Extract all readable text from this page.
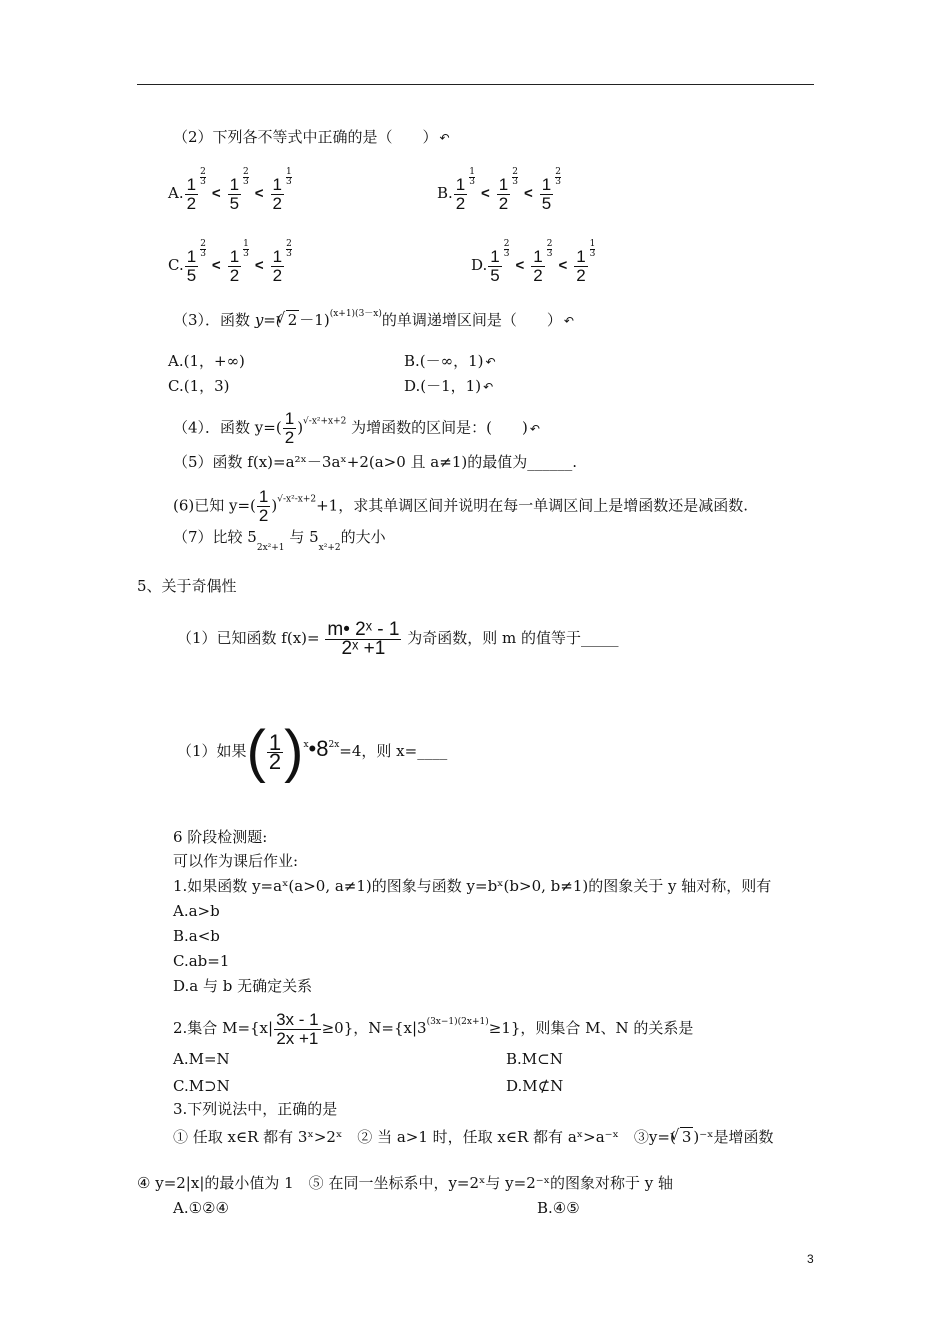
（2）下列各不等式中正确的是（　　） ↶
A. $\frac{1}{2} \frac{2}{3}$
< $\frac{1}{5} \frac{2}{3}$
< $\frac{1}{2} \frac{1}{3}$
B. $\frac{1}{2} \frac{1}{3}$
< $\frac{1}{2} \frac{2}{3}$
< $\frac{1}{5} \frac{2}{3}$
C. $\frac{1}{5} \frac{2}{3}$
< $\frac{1}{2} \frac{1}{3}$
< $\frac{1}{2} \frac{2}{3}$
D. $\frac{1}{5} \frac{2}{3}$
< $\frac{1}{2} \frac{2}{3}$
< $\frac{1}{2} \frac{1}{3}$
（3）．函数 y=( √ 2 －1)$^{(x+1)(3-x)}$的单调递增区间是（　　） ↶
A.(1，+∞)	B.(－∞，1) ↶
C.(1，3)	D.(－1，1) ↶
（4）．函数 $y=( \frac{1}{2} )^{√-x^2+x+2}$ 为增函数的区间是：(　　) ↶
（5）函数 f(x)=a²ˣ－3aˣ+2(a>0 且 a≠1)的最值为______.
(6)已知 $y=( \frac{1}{2} )^{√-x^2-x+2}+1$，求其单调区间并说明在每一单调区间上是增函数还是减函数.
（7）比较 $5_{2x^2+1}$ 与 $5_{x^2+2}$的大小
5、关于奇偶性
（1）已知函数 $f(x)= \frac{\text{m• 2ˣ - 1}}{\text{2ˣ +1}}$ 为奇函数，则 m 的值等于_____
（1）如果( $\frac{1}{2}$ )$^x•8^{2x}=4$，则 x=____
6 阶段检测题:
可以作为课后作业:
1.如果函数 y=aˣ(a>0, a≠1)的图象与函数 y=bˣ(b>0, b≠1)的图象关于 y 轴对称，则有
A.a>b
B.a<b
C.ab=1
D.a 与 b 无确定关系
2.集合 $M=\{x| \frac{3x - 1}{2x +1} \ge 0\}$，$N=\{x|3^{(3x-1)(2x+1)}\ge 1\}$，则集合 M、N 的关系是
A.M=N	B.M⊂N
C.M⊃N	D.M⊄N
3.下列说法中，正确的是
① 任取 x∈R 都有 3ˣ>2ˣ　② 当 a>1 时，任取 x∈R 都有 aˣ>a⁻ˣ　③y=( √ 3 )⁻ˣ是增函数
④ y=2|x|的最小值为 1　⑤ 在同一坐标系中，y=2ˣ与 y=2⁻ˣ的图象对称于 y 轴
A.①②④	B.④⑤
3
